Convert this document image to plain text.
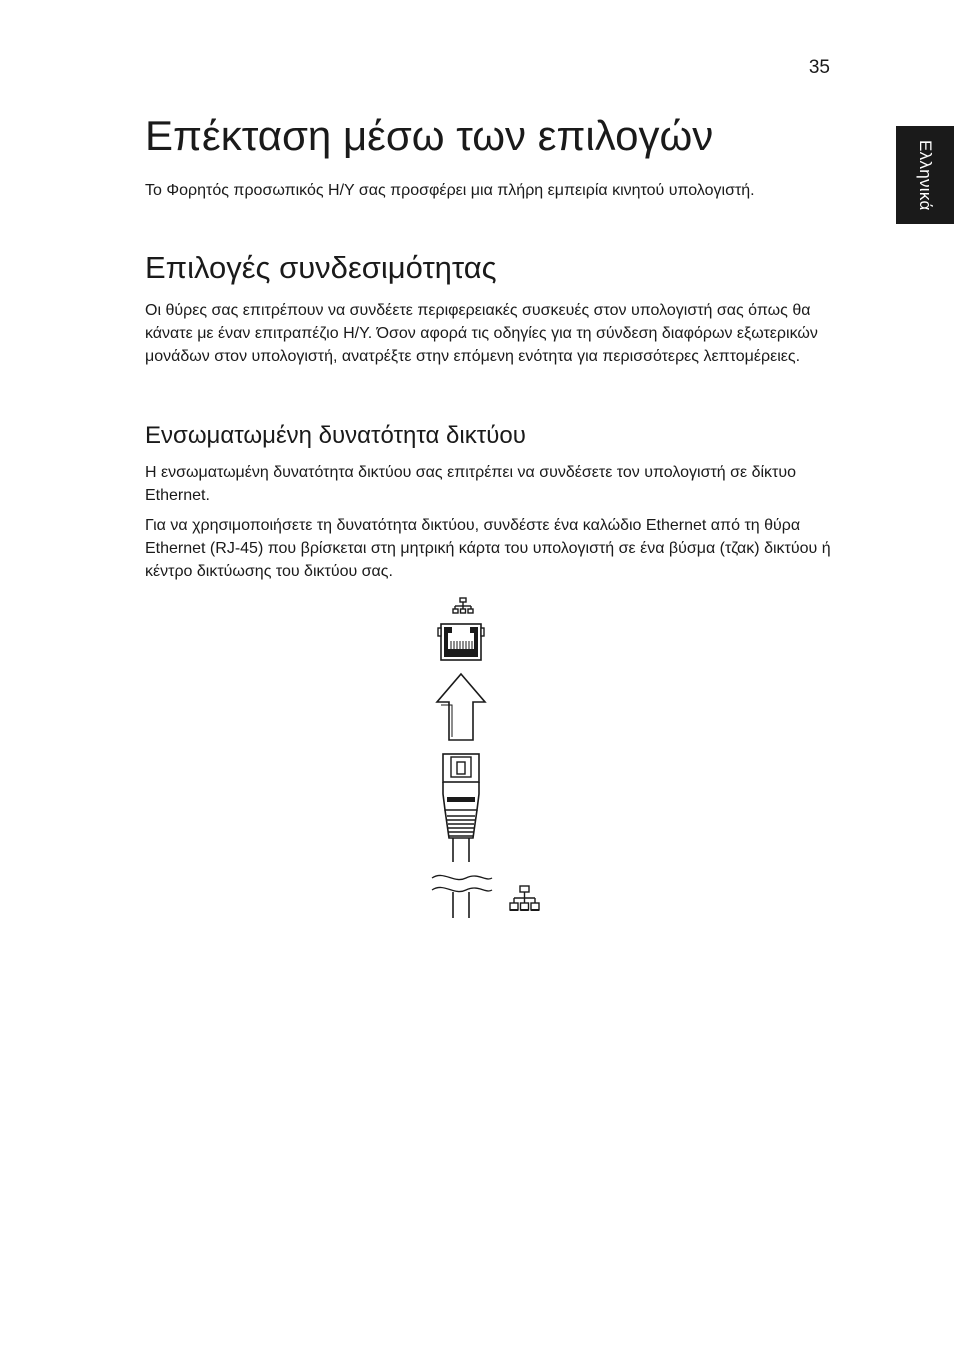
35
Ελληνικά
Επέκταση μέσω των επιλογών

Το Φορητός προσωπικός Η/Υ σας προσφέρει μια πλήρη εμπειρία κινητού υπολογιστή.

Επιλογές συνδεσιμότητας

Οι θύρες σας επιτρέπουν να συνδέετε περιφερειακές συσκευές στον υπολογιστή σας όπως θα κάνατε με έναν επιτραπέζιο Η/Υ. Όσον αφορά τις οδηγίες για τη σύνδεση διαφόρων εξωτερικών μονάδων στον υπολογιστή, ανατρέξτε στην επόμενη ενότητα για περισσότερες λεπτομέρειες.

Ενσωματωμένη δυνατότητα δικτύου

Η ενσωματωμένη δυνατότητα δικτύου σας επιτρέπει να συνδέσετε τον υπολογιστή σε δίκτυο Ethernet.

Για να χρησιμοποιήσετε τη δυνατότητα δικτύου, συνδέστε ένα καλώδιο Ethernet από τη θύρα Ethernet (RJ-45) που βρίσκεται στη μητρική κάρτα του υπολογιστή σε ένα βύσμα (τζακ) δικτύου ή κέντρο δικτύωσης του δικτύου σας.
